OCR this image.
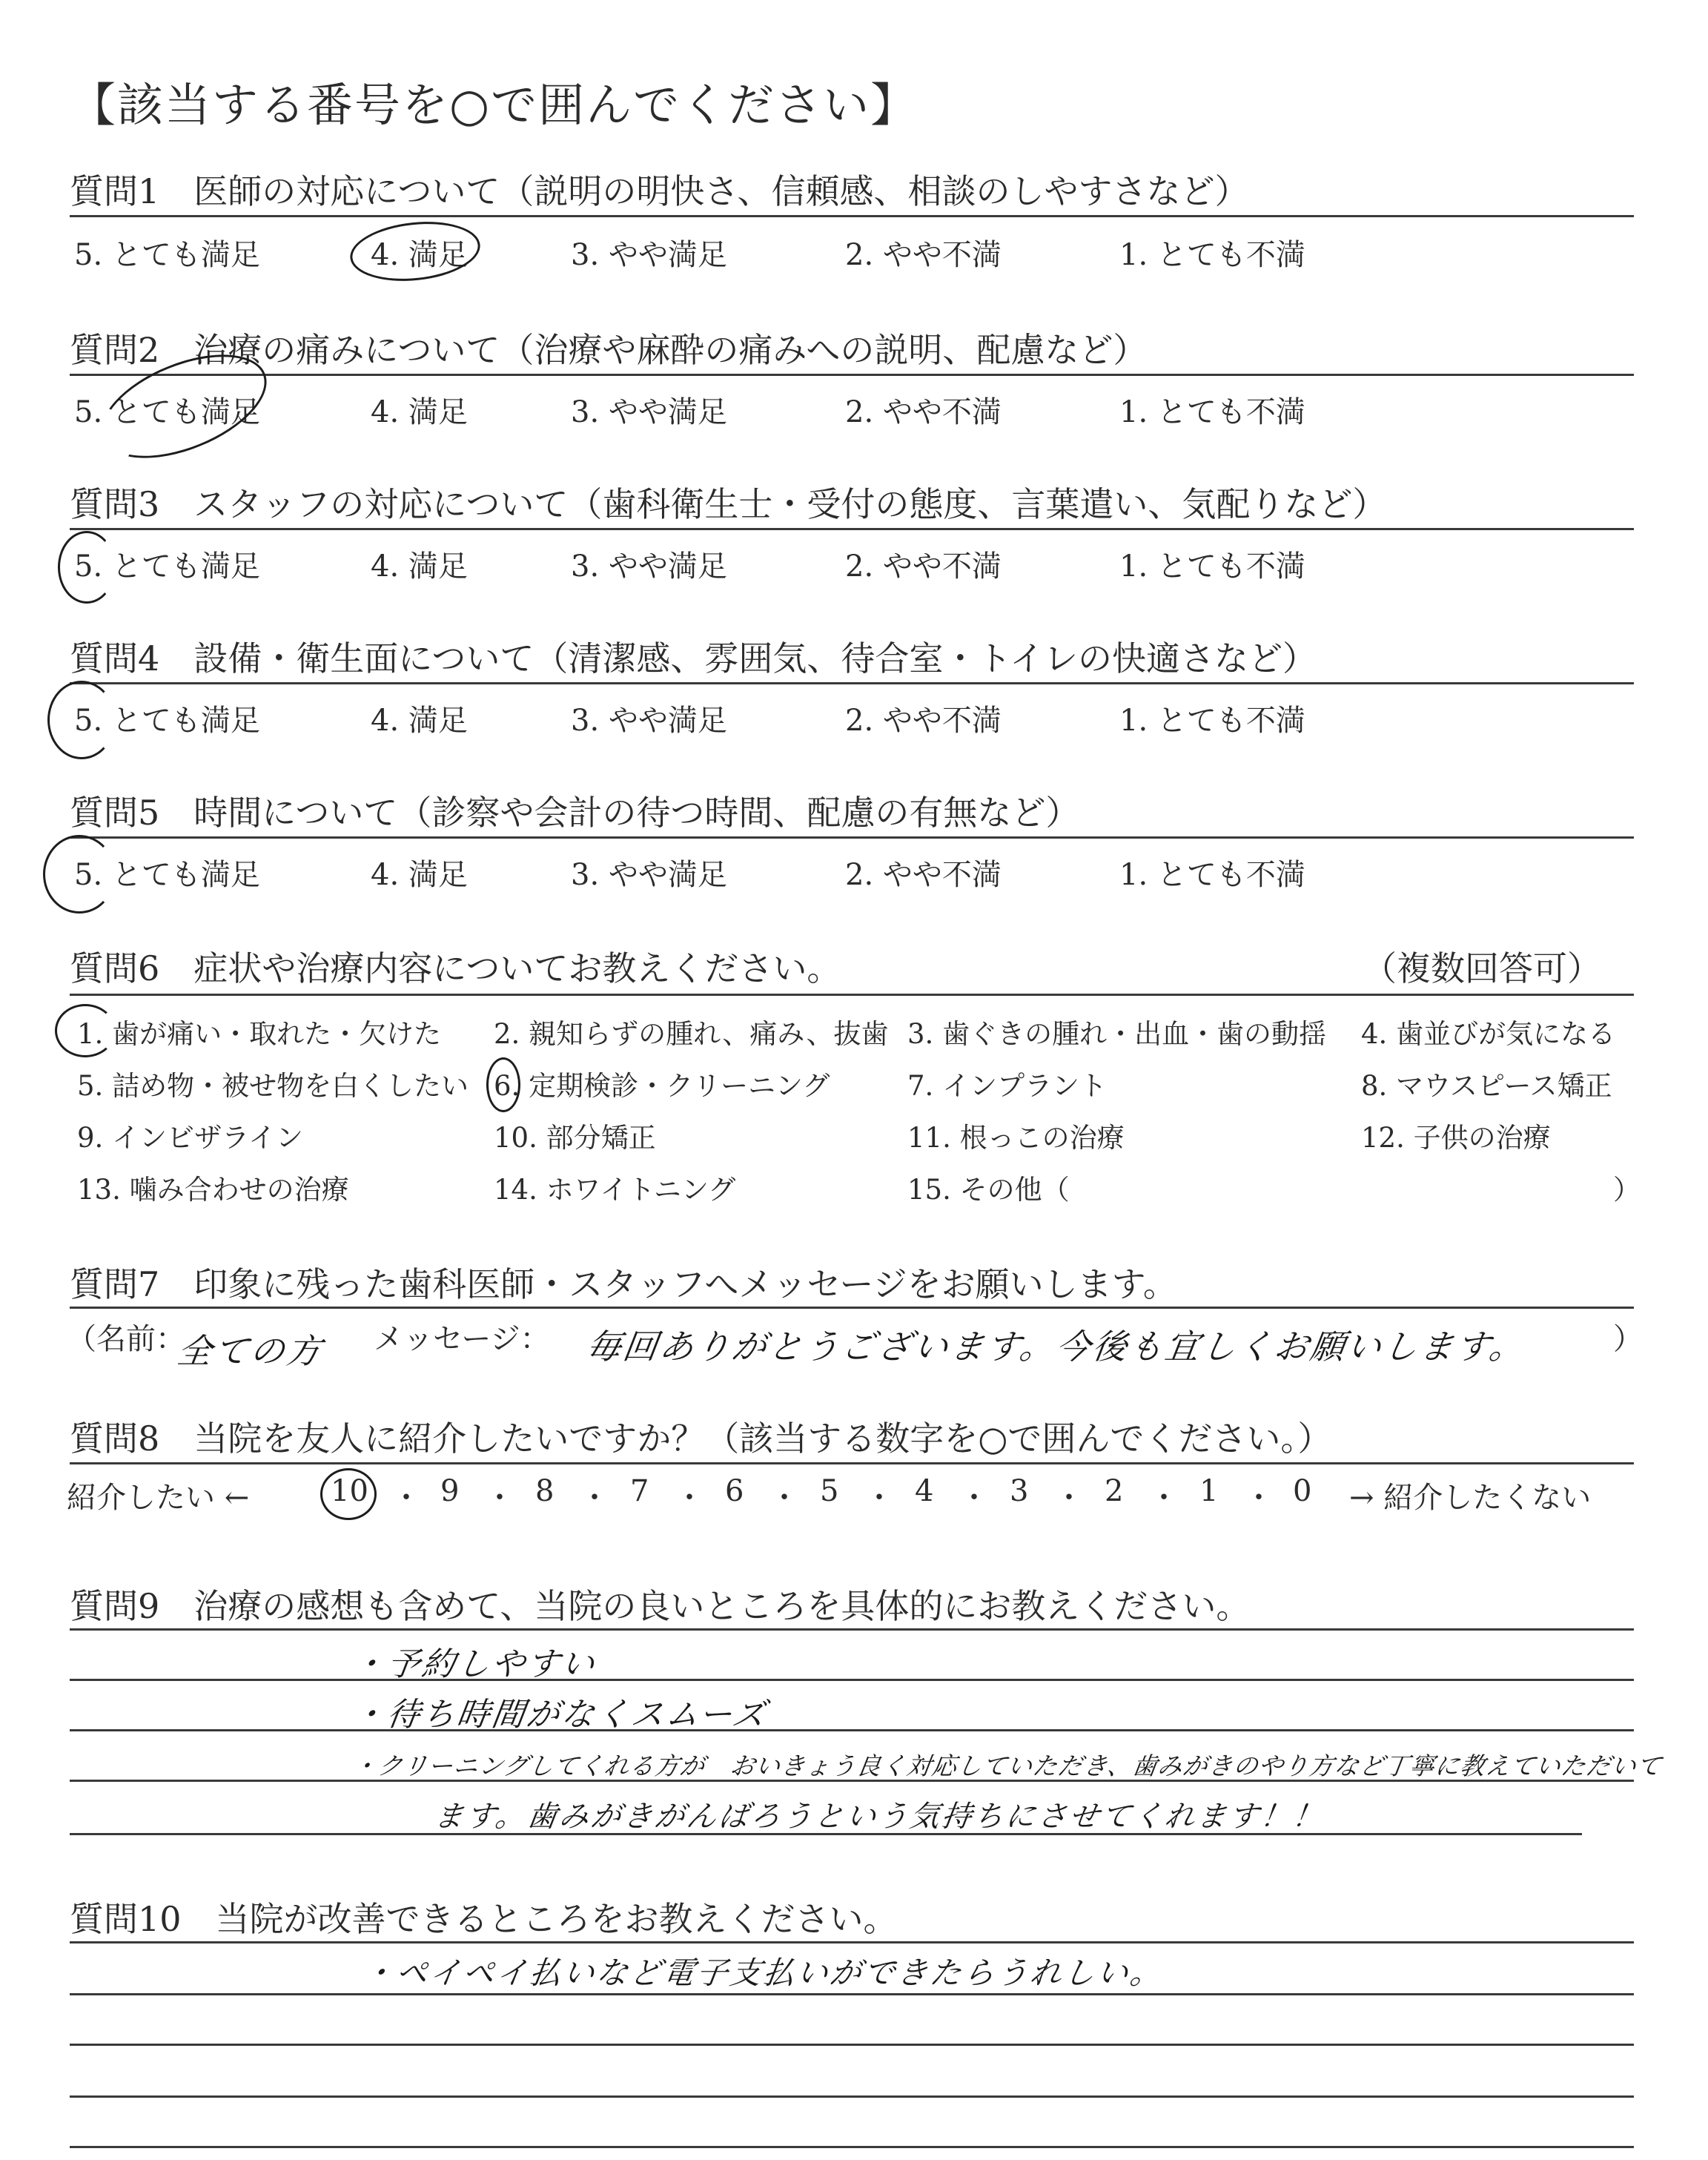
【該当する番号を○で囲んでください】
質問1　医師の対応について（説明の明快さ、信頼感、相談のしやすさなど）
5. とても満足	4. 満足	3. やや満足	2. やや不満	1. とても不満
質問2　治療の痛みについて（治療や麻酔の痛みへの説明、配慮など）
5. とても満足	4. 満足	3. やや満足	2. やや不満	1. とても不満
質問3　スタッフの対応について（歯科衛生士・受付の態度、言葉遣い、気配りなど）
5. とても満足	4. 満足	3. やや満足	2. やや不満	1. とても不満
質問4　設備・衛生面について（清潔感、雰囲気、待合室・トイレの快適さなど）
5. とても満足	4. 満足	3. やや満足	2. やや不満	1. とても不満
質問5　時間について（診察や会計の待つ時間、配慮の有無など）
5. とても満足	4. 満足	3. やや満足	2. やや不満	1. とても不満
質問6　症状や治療内容についてお教えください。	（複数回答可）
1. 歯が痛い・取れた・欠けた 2. 親知らずの腫れ、痛み、抜歯 3. 歯ぐきの腫れ・出血・歯の動揺 4. 歯並びが気になる
5. 詰め物・被せ物を白くしたい 6. 定期検診・クリーニング	7. インプラント	8. マウスピース矯正
9. インビザライン	10. 部分矯正	11. 根っこの治療	12. 子供の治療
13. 噛み合わせの治療	14. ホワイトニング	15. その他（	）
質問7　印象に残った歯科医師・スタッフへメッセージをお願いします。
（名前：
全ての方 メッセージ： 毎回ありがとうございます。今後も宜しくお願いします。	）
質問8　当院を友人に紹介したいですか？（該当する数字を○で囲んでください。）
紹介したい ←	10 ・ 9 ・ 8 ・ 7 ・ 6 ・ 5 ・ 4 ・ 3 ・ 2 ・ 1 ・ 0 → 紹介したくない
質問9　治療の感想も含めて、当院の良いところを具体的にお教えください。
・予約しやすい
・待ち時間がなくスムーズ
・クリーニングしてくれる方が　おいきょう良く対応していただき、歯みがきのやり方など丁寧に教えていただいて
ます。歯みがきがんばろうという気持ちにさせてくれます！！
質問10　当院が改善できるところをお教えください。
・ペイペイ払いなど電子支払いができたらうれしい。
